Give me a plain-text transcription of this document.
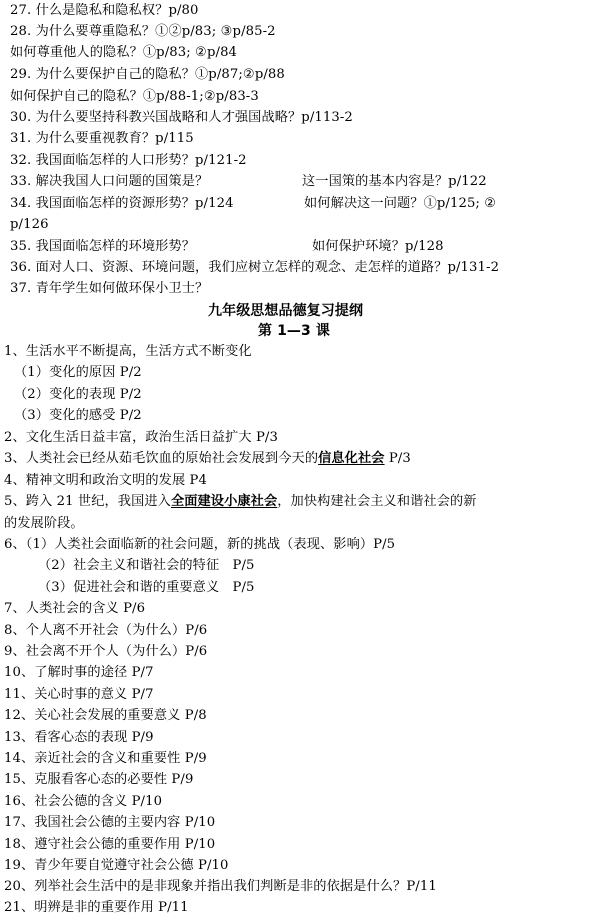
27. 什么是隐私和隐私权？p/80
28. 为什么要尊重隐私？①②p/83; ③p/85-2
如何尊重他人的隐私？①p/83; ②p/84
29. 为什么要保护自己的隐私？①p/87;②p/88
如何保护自己的隐私？①p/88-1;②p/83-3
30. 为什么要坚持科教兴国战略和人才强国战略？p/113-2
31. 为什么要重视教育？p/115
32. 我国面临怎样的人口形势？p/121-2
33. 解决我国人口问题的国策是？	这一国策的基本内容是？p/122
34. 我国面临怎样的资源形势？p/124	如何解决这一问题？①p/125; ②
p/126
35. 我国面临怎样的环境形势？	如何保护环境？p/128
36. 面对人口、资源、环境问题，我们应树立怎样的观念、走怎样的道路？p/131-2
37. 青年学生如何做环保小卫士？
九年级思想品德复习提纲
第 1—3 课
1、生活水平不断提高，生活方式不断变化
（1）变化的原因 P/2
（2）变化的表现 P/2
（3）变化的感受 P/2
2、文化生活日益丰富，政治生活日益扩大 P/3
3、人类社会已经从茹毛饮血的原始社会发展到今天的信息化社会 P/3
4、精神文明和政治文明的发展 P4
5、跨入 21 世纪，我国进入全面建设小康社会，加快构建社会主义和谐社会的新
的发展阶段。
6、（1）人类社会面临新的社会问题，新的挑战（表现、影响）P/5
（2）社会主义和谐社会的特征　P/5
（3）促进社会和谐的重要意义　P/5
7、人类社会的含义 P/6
8、个人离不开社会（为什么）P/6
9、社会离不开个人（为什么）P/6
10、了解时事的途径 P/7
11、关心时事的意义 P/7
12、关心社会发展的重要意义 P/8
13、看客心态的表现 P/9
14、亲近社会的含义和重要性 P/9
15、克服看客心态的必要性 P/9
16、社会公德的含义 P/10
17、我国社会公德的主要内容 P/10
18、遵守社会公德的重要作用 P/10
19、青少年要自觉遵守社会公德 P/10
20、列举社会生活中的是非现象并指出我们判断是非的依据是什么？P/11
21、明辨是非的重要作用 P/11
